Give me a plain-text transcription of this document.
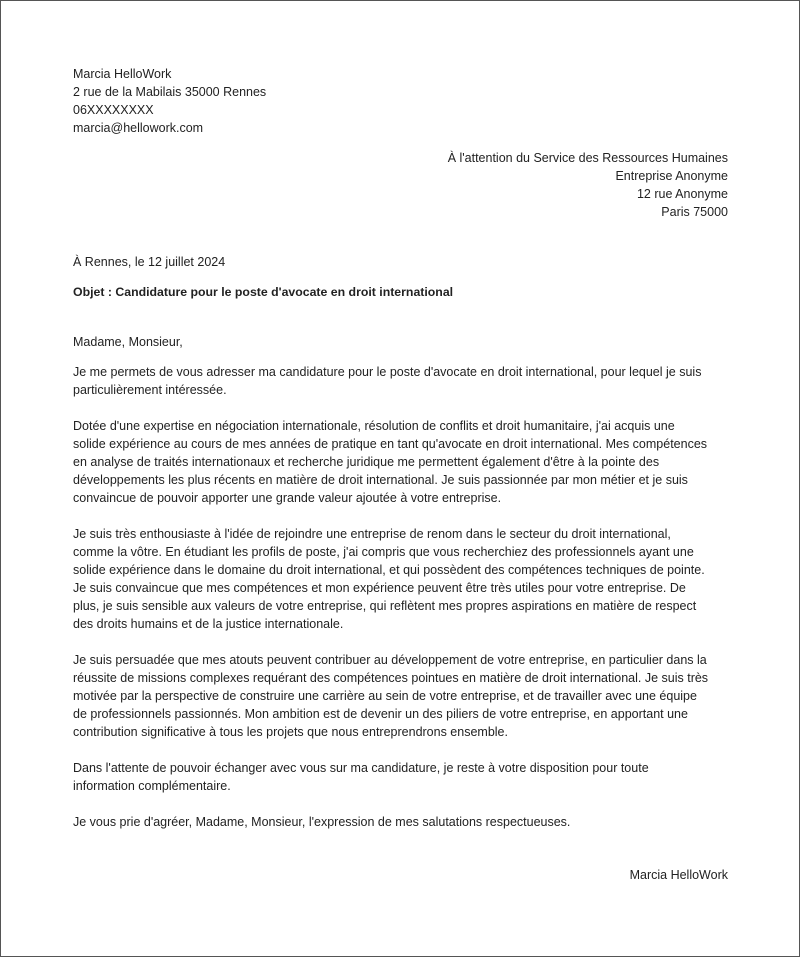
Marcia HelloWork
2 rue de la Mabilais 35000 Rennes
06XXXXXXXX
marcia@hellowork.com
À l'attention du Service des Ressources Humaines
Entreprise Anonyme
12 rue Anonyme
Paris 75000
À Rennes, le 12 juillet 2024
Objet : Candidature pour le poste d'avocate en droit international
Madame, Monsieur,
Je me permets de vous adresser ma candidature pour le poste d'avocate en droit international, pour lequel je suis
particulièrement intéressée.
Dotée d'une expertise en négociation internationale, résolution de conflits et droit humanitaire, j'ai acquis une
solide expérience au cours de mes années de pratique en tant qu'avocate en droit international. Mes compétences
en analyse de traités internationaux et recherche juridique me permettent également d'être à la pointe des
développements les plus récents en matière de droit international. Je suis passionnée par mon métier et je suis
convaincue de pouvoir apporter une grande valeur ajoutée à votre entreprise.
Je suis très enthousiaste à l'idée de rejoindre une entreprise de renom dans le secteur du droit international,
comme la vôtre. En étudiant les profils de poste, j'ai compris que vous recherchiez des professionnels ayant une
solide expérience dans le domaine du droit international, et qui possèdent des compétences techniques de pointe.
Je suis convaincue que mes compétences et mon expérience peuvent être très utiles pour votre entreprise. De
plus, je suis sensible aux valeurs de votre entreprise, qui reflètent mes propres aspirations en matière de respect
des droits humains et de la justice internationale.
Je suis persuadée que mes atouts peuvent contribuer au développement de votre entreprise, en particulier dans la
réussite de missions complexes requérant des compétences pointues en matière de droit international. Je suis très
motivée par la perspective de construire une carrière au sein de votre entreprise, et de travailler avec une équipe
de professionnels passionnés. Mon ambition est de devenir un des piliers de votre entreprise, en apportant une
contribution significative à tous les projets que nous entreprendrons ensemble.
Dans l'attente de pouvoir échanger avec vous sur ma candidature, je reste à votre disposition pour toute
information complémentaire.
Je vous prie d'agréer, Madame, Monsieur, l'expression de mes salutations respectueuses.
Marcia HelloWork
